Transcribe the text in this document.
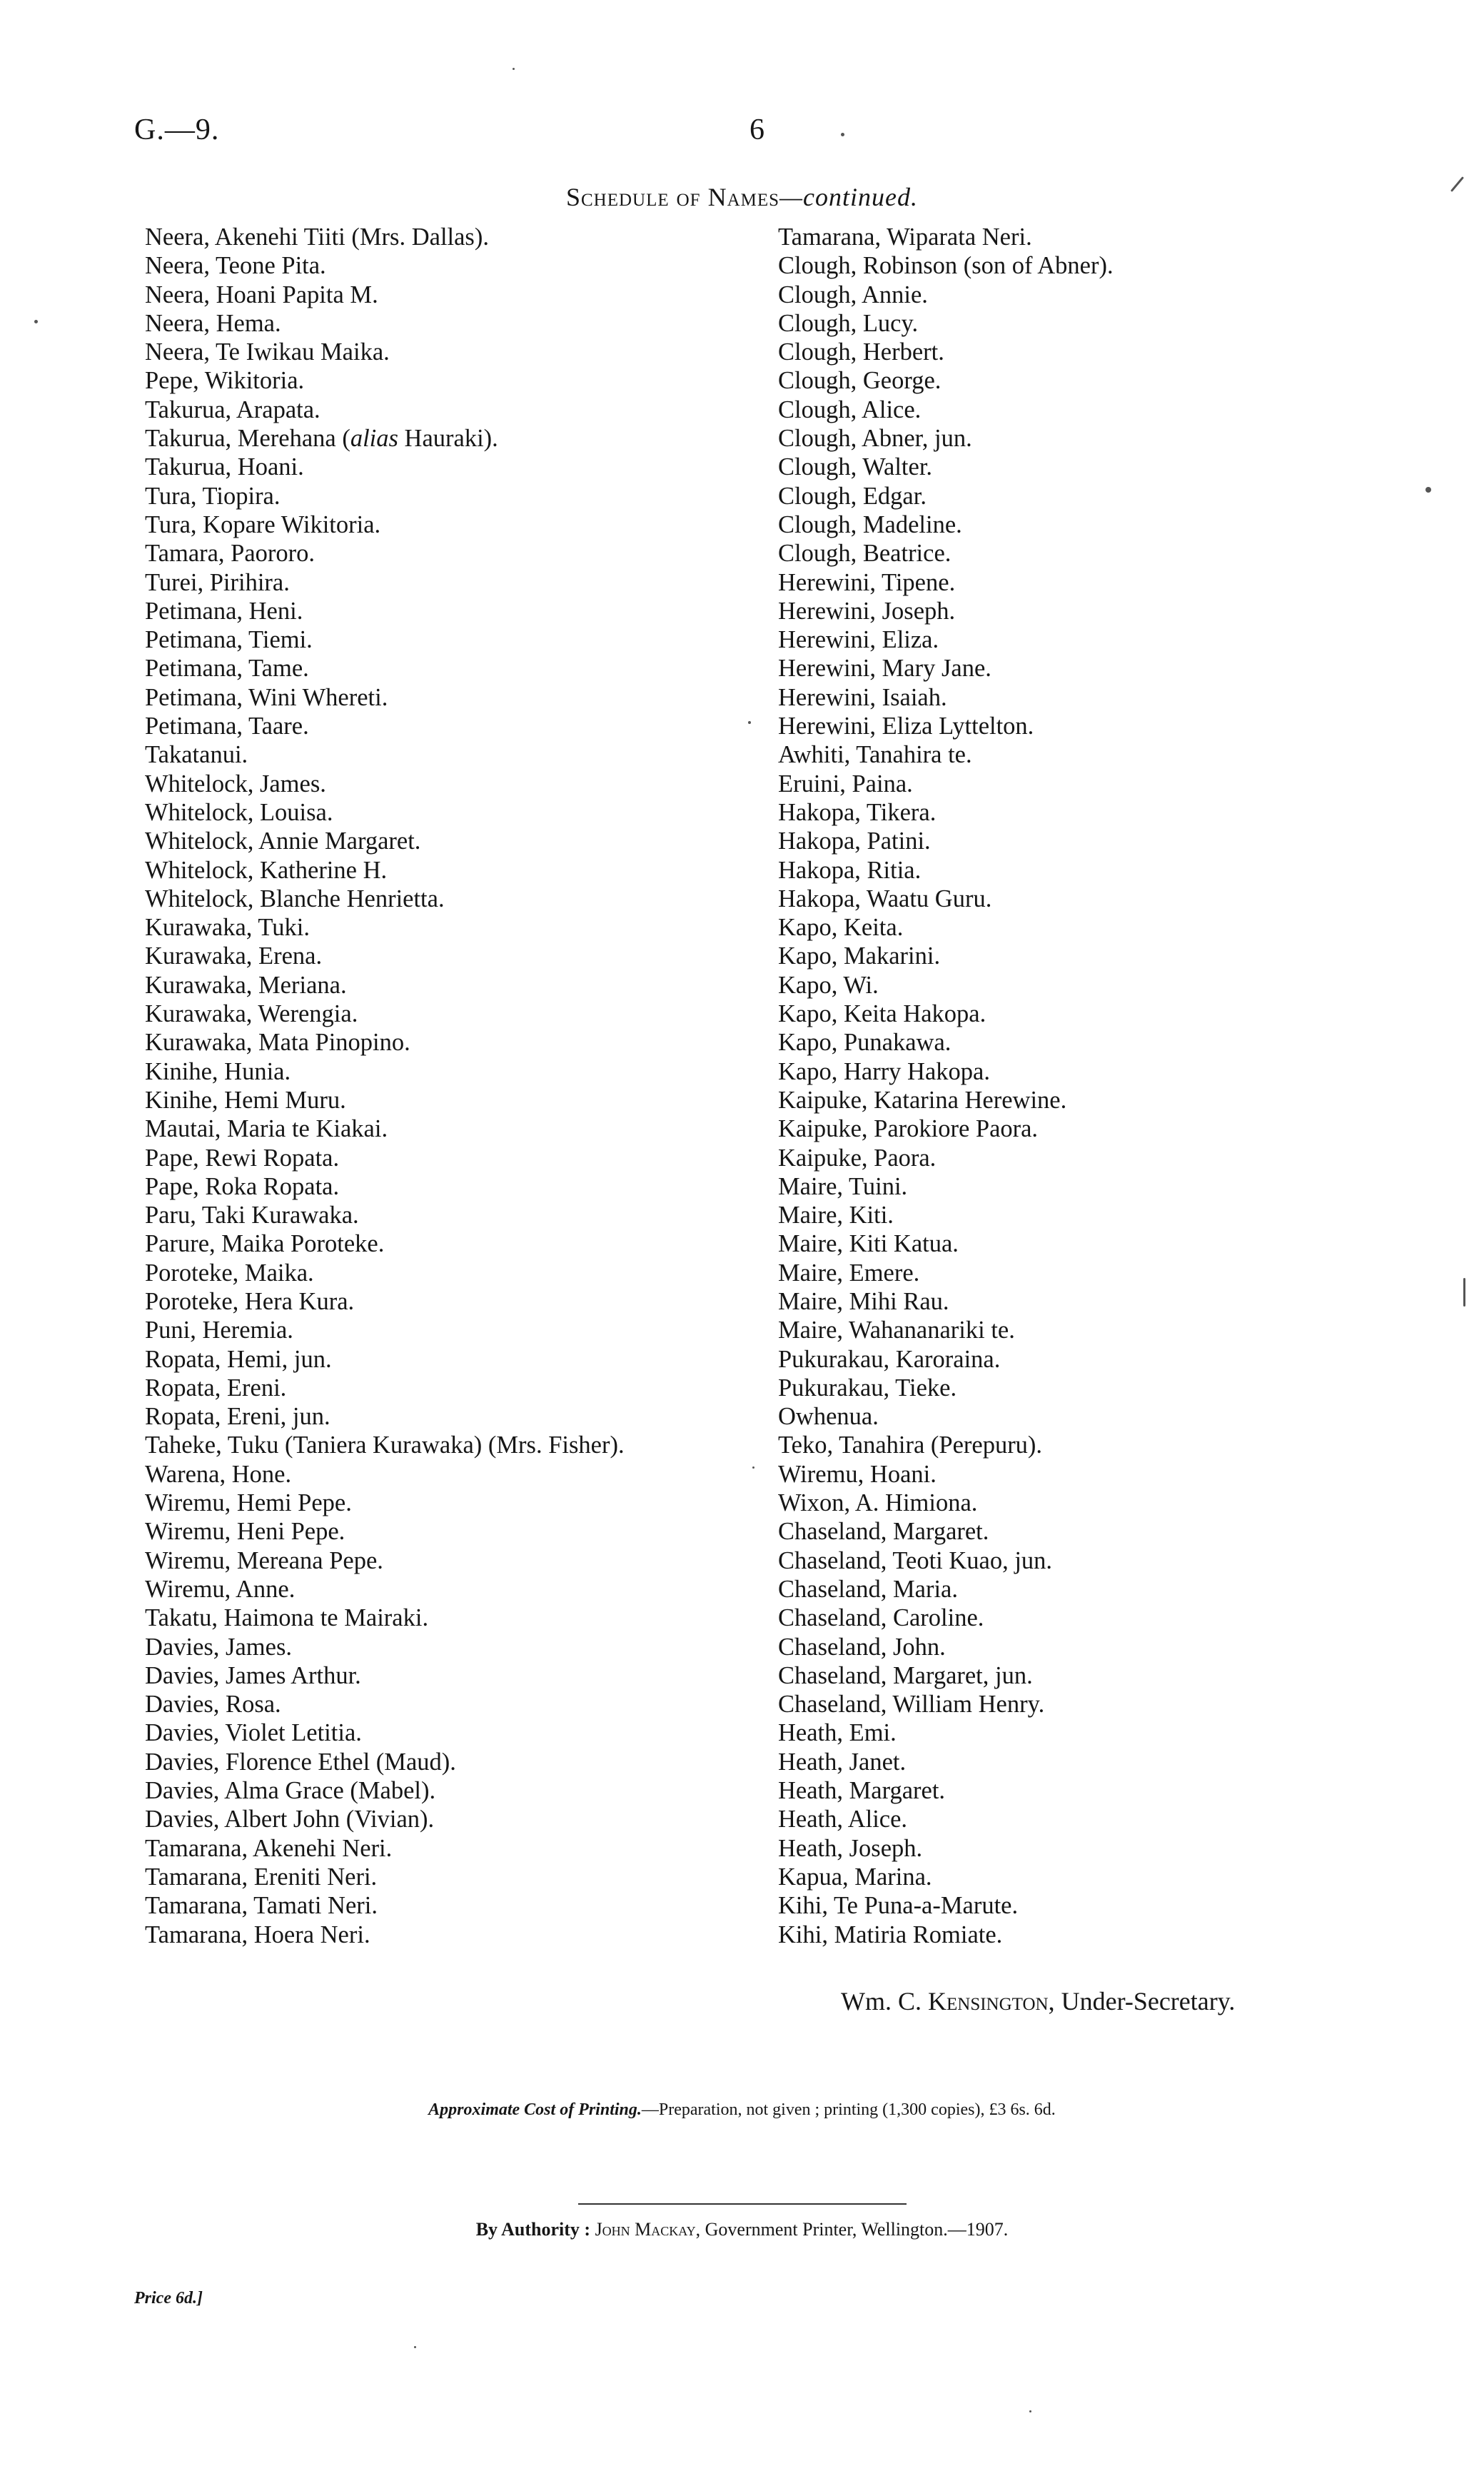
G.—9.	6
Schedule of Names—continued.
Neera, Akenehi Tiiti (Mrs. Dallas).
Neera, Teone Pita.
Neera, Hoani Papita M.
Neera, Hema.
Neera, Te Iwikau Maika.
Pepe, Wikitoria.
Takurua, Arapata.
Takurua, Merehana (alias Hauraki).
Takurua, Hoani.
Tura, Tiopira.
Tura, Kopare Wikitoria.
Tamara, Paororo.
Turei, Pirihira.
Petimana, Heni.
Petimana, Tiemi.
Petimana, Tame.
Petimana, Wini Whereti.
Petimana, Taare.
Takatanui.
Whitelock, James.
Whitelock, Louisa.
Whitelock, Annie Margaret.
Whitelock, Katherine H.
Whitelock, Blanche Henrietta.
Kurawaka, Tuki.
Kurawaka, Erena.
Kurawaka, Meriana.
Kurawaka, Werengia.
Kurawaka, Mata Pinopino.
Kinihe, Hunia.
Kinihe, Hemi Muru.
Mautai, Maria te Kiakai.
Pape, Rewi Ropata.
Pape, Roka Ropata.
Paru, Taki Kurawaka.
Parure, Maika Poroteke.
Poroteke, Maika.
Poroteke, Hera Kura.
Puni, Heremia.
Ropata, Hemi, jun.
Ropata, Ereni.
Ropata, Ereni, jun.
Taheke, Tuku (Taniera Kurawaka) (Mrs. Fisher).
Warena, Hone.
Wiremu, Hemi Pepe.
Wiremu, Heni Pepe.
Wiremu, Mereana Pepe.
Wiremu, Anne.
Takatu, Haimona te Mairaki.
Davies, James.
Davies, James Arthur.
Davies, Rosa.
Davies, Violet Letitia.
Davies, Florence Ethel (Maud).
Davies, Alma Grace (Mabel).
Davies, Albert John (Vivian).
Tamarana, Akenehi Neri.
Tamarana, Ereniti Neri.
Tamarana, Tamati Neri.
Tamarana, Hoera Neri.
Tamarana, Wiparata Neri.
Clough, Robinson (son of Abner).
Clough, Annie.
Clough, Lucy.
Clough, Herbert.
Clough, George.
Clough, Alice.
Clough, Abner, jun.
Clough, Walter.
Clough, Edgar.
Clough, Madeline.
Clough, Beatrice.
Herewini, Tipene.
Herewini, Joseph.
Herewini, Eliza.
Herewini, Mary Jane.
Herewini, Isaiah.
Herewini, Eliza Lyttelton.
Awhiti, Tanahira te.
Eruini, Paina.
Hakopa, Tikera.
Hakopa, Patini.
Hakopa, Ritia.
Hakopa, Waatu Guru.
Kapo, Keita.
Kapo, Makarini.
Kapo, Wi.
Kapo, Keita Hakopa.
Kapo, Punakawa.
Kapo, Harry Hakopa.
Kaipuke, Katarina Herewine.
Kaipuke, Parokiore Paora.
Kaipuke, Paora.
Maire, Tuini.
Maire, Kiti.
Maire, Kiti Katua.
Maire, Emere.
Maire, Mihi Rau.
Maire, Wahananariki te.
Pukurakau, Karoraina.
Pukurakau, Tieke.
Owhenua.
Teko, Tanahira (Perepuru).
Wiremu, Hoani.
Wixon, A. Himiona.
Chaseland, Margaret.
Chaseland, Teoti Kuao, jun.
Chaseland, Maria.
Chaseland, Caroline.
Chaseland, John.
Chaseland, Margaret, jun.
Chaseland, William Henry.
Heath, Emi.
Heath, Janet.
Heath, Margaret.
Heath, Alice.
Heath, Joseph.
Kapua, Marina.
Kihi, Te Puna-a-Marute.
Kihi, Matiria Romiate.
Wm. C. Kensington, Under-Secretary.
Approximate Cost of Printing.—Preparation, not given ; printing (1,300 copies), £3 6s. 6d.
By Authority : John Mackay, Government Printer, Wellington.—1907.
Price 6d.]
